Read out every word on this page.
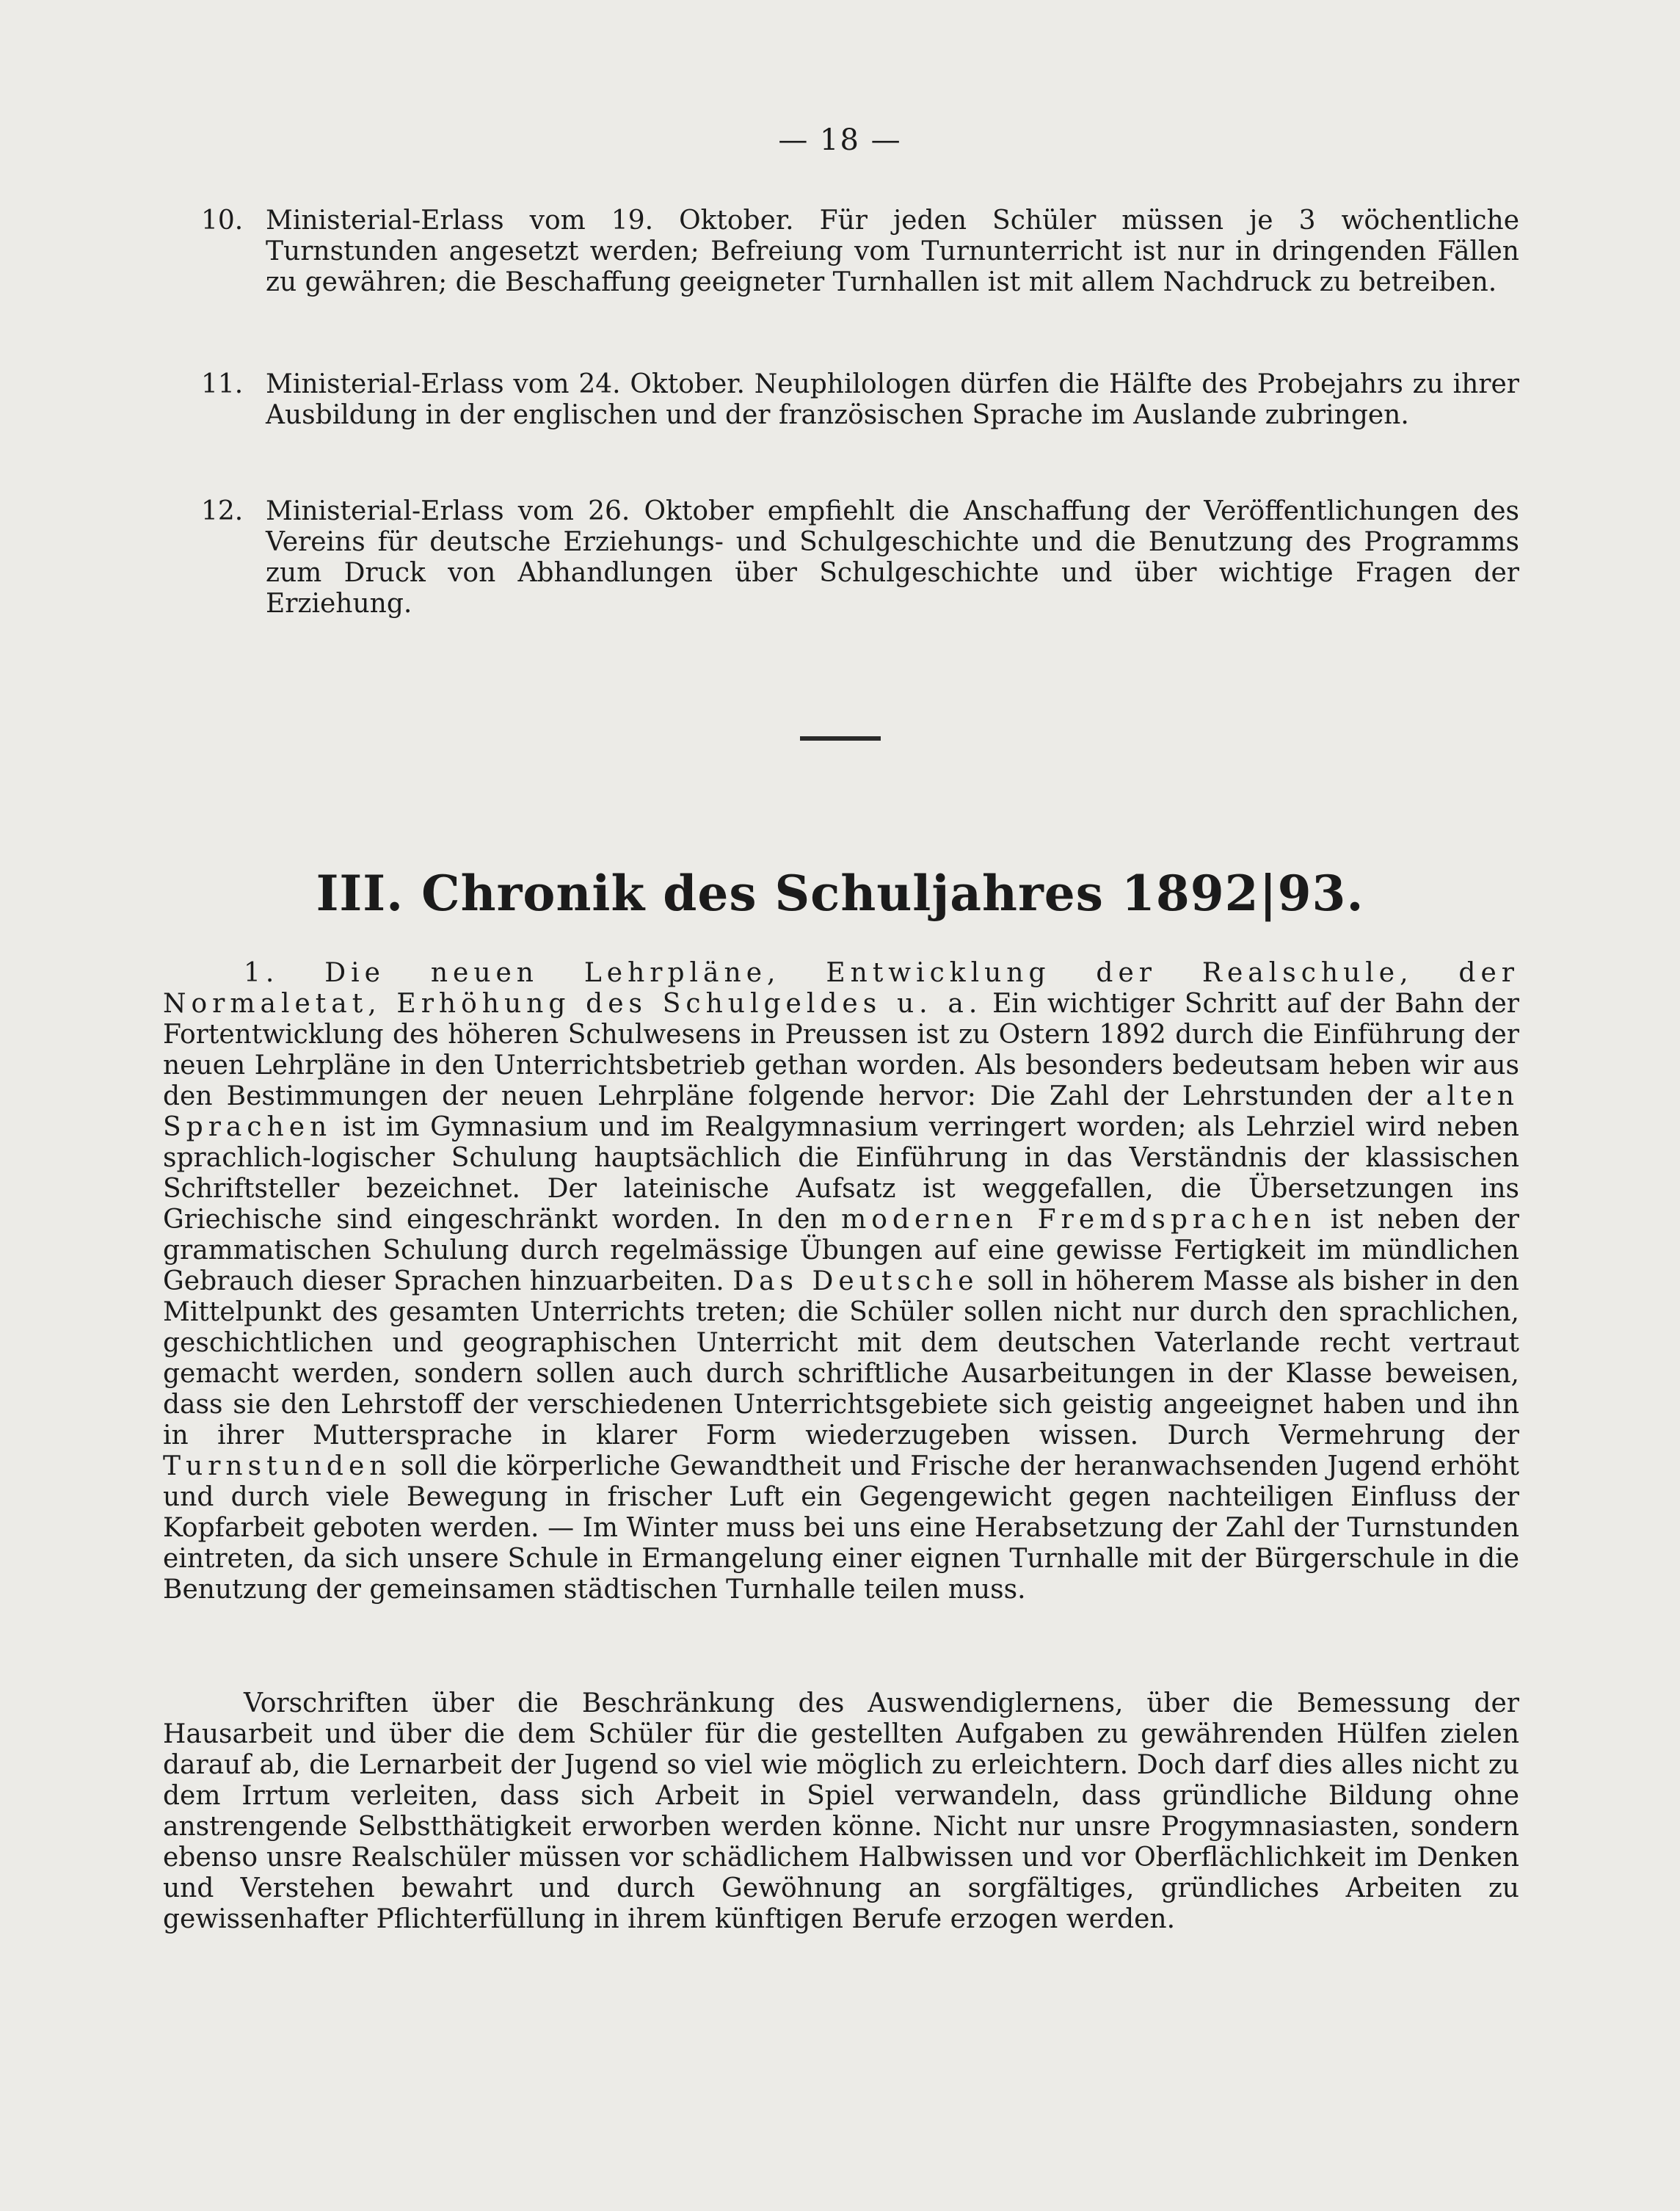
— 18 —
10. Ministerial-Erlass vom 19. Oktober. Für jeden Schüler müssen je 3 wöchentliche Turnstunden angesetzt werden; Befreiung vom Turnunterricht ist nur in dringenden Fällen zu gewähren; die Beschaffung geeigneter Turnhallen ist mit allem Nachdruck zu betreiben.
11. Ministerial-Erlass vom 24. Oktober. Neuphilologen dürfen die Hälfte des Probejahrs zu ihrer Ausbildung in der englischen und der französischen Sprache im Auslande zubringen.
12. Ministerial-Erlass vom 26. Oktober empfiehlt die Anschaffung der Veröffentlichungen des Vereins für deutsche Erziehungs- und Schulgeschichte und die Benutzung des Programms zum Druck von Abhandlungen über Schulgeschichte und über wichtige Fragen der Erziehung.
III. Chronik des Schuljahres 1892|93.
1. Die neuen Lehrpläne, Entwicklung der Realschule, der Normaletat, Erhöhung des Schulgeldes u. a. Ein wichtiger Schritt auf der Bahn der Fortentwicklung des höheren Schulwesens in Preussen ist zu Ostern 1892 durch die Einführung der neuen Lehrpläne in den Unterrichtsbetrieb gethan worden. Als besonders bedeutsam heben wir aus den Bestimmungen der neuen Lehrpläne folgende hervor: Die Zahl der Lehrstunden der alten Sprachen ist im Gymnasium und im Realgymnasium verringert worden; als Lehrziel wird neben sprachlich-logischer Schulung hauptsächlich die Einführung in das Verständnis der klassischen Schriftsteller bezeichnet. Der lateinische Aufsatz ist weggefallen, die Übersetzungen ins Griechische sind eingeschränkt worden. In den modernen Fremdsprachen ist neben der grammatischen Schulung durch regelmässige Übungen auf eine gewisse Fertigkeit im mündlichen Gebrauch dieser Sprachen hinzuarbeiten. Das Deutsche soll in höherem Masse als bisher in den Mittelpunkt des gesamten Unterrichts treten; die Schüler sollen nicht nur durch den sprachlichen, geschichtlichen und geographischen Unterricht mit dem deutschen Vaterlande recht vertraut gemacht werden, sondern sollen auch durch schriftliche Ausarbeitungen in der Klasse beweisen, dass sie den Lehrstoff der verschiedenen Unterrichtsgebiete sich geistig angeeignet haben und ihn in ihrer Muttersprache in klarer Form wiederzugeben wissen. Durch Vermehrung der Turnstunden soll die körperliche Gewandtheit und Frische der heranwachsenden Jugend erhöht und durch viele Bewegung in frischer Luft ein Gegengewicht gegen nachteiligen Einfluss der Kopfarbeit geboten werden. — Im Winter muss bei uns eine Herabsetzung der Zahl der Turnstunden eintreten, da sich unsere Schule in Ermangelung einer eignen Turnhalle mit der Bürgerschule in die Benutzung der gemeinsamen städtischen Turnhalle teilen muss.
Vorschriften über die Beschränkung des Auswendiglernens, über die Bemessung der Hausarbeit und über die dem Schüler für die gestellten Aufgaben zu gewährenden Hülfen zielen darauf ab, die Lernarbeit der Jugend so viel wie möglich zu erleichtern. Doch darf dies alles nicht zu dem Irrtum verleiten, dass sich Arbeit in Spiel verwandeln, dass gründliche Bildung ohne anstrengende Selbstthätigkeit erworben werden könne. Nicht nur unsre Progymnasiasten, sondern ebenso unsre Realschüler müssen vor schädlichem Halbwissen und vor Oberflächlichkeit im Denken und Verstehen bewahrt und durch Gewöhnung an sorgfältiges, gründliches Arbeiten zu gewissenhafter Pflichterfüllung in ihrem künftigen Berufe erzogen werden.
